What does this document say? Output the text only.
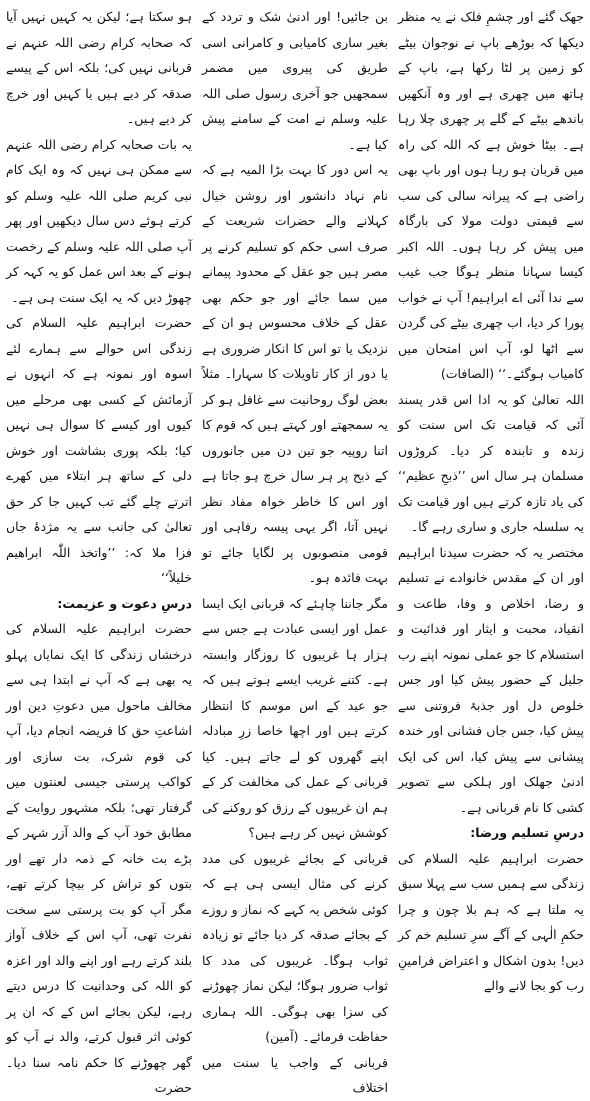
جھک گئے اور چشمِ فلک نے یہ منظر دیکھا کہ بوڑھے باپ نے نوجوان بیٹے کو زمین پر لٹا رکھا ہے، باپ کے ہاتھ میں چھری ہے اور وہ آنکھیں باندھے بیٹے کے گلے پر چھری چلا رہا ہے۔ بیٹا خوش ہے کہ اللہ کی راہ میں قربان ہو رہا ہوں اور باپ بھی راضی ہے کہ پیرانہ سالی کی سب سے قیمتی دولت مولا کی بارگاہ میں پیش کر رہا ہوں۔ اللہ اکبر کیسا سہانا منظر ہوگا جب غیب سے ندا آئی اے ابراہیم! آپ نے خواب پورا کر دیا، اب چھری بیٹے کی گردن سے اٹھا لو، آپ اس امتحان میں کامیاب ہوگئے۔‘‘ (الصافات)

اللہ تعالیٰ کو یہ ادا اس قدر پسند آئی کہ قیامت تک اس سنت کو زندہ و تابندہ کر دیا۔ کروڑوں مسلمان ہر سال اس ’’ذبحِ عظیم‘‘ کی یاد تازہ کرتے ہیں اور قیامت تک یہ سلسلہ جاری و ساری رہے گا۔

مختصر یہ کہ حضرت سیدنا ابراہیم اور ان کے مقدس خانوادے نے تسلیم و رضا، اخلاص و وفا، طاعت و انقیاد، محبت و ایثار اور فدائیت و استسلام کا جو عملی نمونہ اپنے رب جلیل کے حضور پیش کیا اور جس خلوص دل اور جذبۂ فروتنی سے پیش کیا، جس جاں فشانی اور خندہ پیشانی سے پیش کیا، اس کی ایک ادنیٰ جھلک اور ہلکی سے تصویر کشی کا نام قربانی ہے۔

درسِ تسلیم ورضا:

حضرت ابراہیم علیہ السلام کی زندگی سے ہمیں سب سے پہلا سبق یہ ملتا ہے کہ ہم بلا چون و چرا حکمِ الٰہی کے آگے سرِ تسلیم خم کر دیں! بدون اشکال و اعتراض فرامینِ رب کو بجا لانے والے

بن جائیں! اور ادنیٰ شک و تردد کے بغیر ساری کامیابی و کامرانی اسی طریق کی پیروی میں مضمر سمجھیں جو آخری رسول صلی اللہ علیہ وسلم نے امت کے سامنے پیش کیا ہے۔

یہ اس دور کا بہت بڑا المیہ ہے کہ نام نہاد دانشور اور روشن خیال کہلانے والے حضرات شریعت کے صرف اسی حکم کو تسلیم کرنے پر مصر ہیں جو عقل کے محدود پیمانے میں سما جائے اور جو حکم بھی عقل کے خلاف محسوس ہو ان کے نزدیک یا تو اس کا انکار ضروری ہے یا دور از کار تاویلات کا سہارا۔ مثلاً بعض لوگ روحانیت سے غافل ہو کر یہ سمجھتے اور کہتے ہیں کہ قوم کا اتنا روپیہ جو تین دن میں جانوروں کے ذبح پر ہر سال خرچ ہو جاتا ہے اور اس کا خاطر خواہ مفاد نظر نہیں آتا، اگر یہی پیسہ رفاہی اور قومی منصوبوں پر لگایا جائے تو بہت فائدہ ہو۔

مگر جاننا چاہئے کہ قربانی ایک ایسا عمل اور ایسی عبادت ہے جس سے ہزار ہا غریبوں کا روزگار وابستہ ہے۔ کتنے غریب ایسے ہوتے ہیں کہ جو عید کے اس موسم کا انتظار کرتے ہیں اور اچھا خاصا زرِ مبادلہ اپنے گھروں کو لے جاتے ہیں۔ کیا قربانی کے عمل کی مخالفت کر کے ہم ان غریبوں کے رزق کو روکنے کی کوشش نہیں کر رہے ہیں؟

قربانی کے بجائے غریبوں کی مدد کرنے کی مثال ایسی ہی ہے کہ کوئی شخص یہ کہے کہ نماز و روزے کے بجائے صدقہ کر دیا جائے تو زیادہ ثواب ہوگا۔ غریبوں کی مدد کا ثواب ضرور ہوگا؛ لیکن نماز چھوڑنے کی سزا بھی ہوگی۔ اللہ ہماری حفاظت فرمائے۔ (آمین)

قربانی کے واجب یا سنت میں اختلاف

ہو سکتا ہے؛ لیکن یہ کہیں نہیں آیا کہ صحابہ کرام رضی اللہ عنہم نے قربانی نہیں کی؛ بلکہ اس کے پیسے صدقہ کر دیے ہیں یا کہیں اور خرچ کر دیے ہیں۔

یہ بات صحابہ کرام رضی اللہ عنہم سے ممکن ہی نہیں کہ وہ ایک کام نبی کریم صلی اللہ علیہ وسلم کو کرتے ہوئے دس سال دیکھیں اور پھر آپ صلی اللہ علیہ وسلم کے رخصت ہونے کے بعد اس عمل کو یہ کہہ کر چھوڑ دیں کہ یہ ایک سنت ہی ہے۔

حضرت ابراہیم علیہ السلام کی زندگی اس حوالے سے ہمارے لئے اسوہ اور نمونہ ہے کہ انہوں نے آزمائش کے کسی بھی مرحلے میں کیوں اور کیسے کا سوال ہی نہیں کیا؛ بلکہ پوری بشاشت اور خوش دلی کے ساتھ ہر ابتلاء میں کھرے اترتے چلے گئے تب کہیں جا کر حق تعالیٰ کی جانب سے یہ مژدۂ جاں فزا ملا کہ: ’’واتخذ اللّٰہ ابراھیم خلیلاً‘‘

درسِ دعوت و عزیمت:

حضرت ابراہیم علیہ السلام کی درخشاں زندگی کا ایک نمایاں پہلو یہ بھی ہے کہ آپ نے ابتدا ہی سے مخالف ماحول میں دعوتِ دین اور اشاعتِ حق کا فریضہ انجام دیا، آپ کی قوم شرک، بت سازی اور کواکب پرستی جیسی لعنتوں میں گرفتار تھی؛ بلکہ مشہور روایت کے مطابق خود آپ کے والد آزر شہر کے بڑے بت خانہ کے ذمہ دار تھے اور بتوں کو تراش کر بیچا کرتے تھے، مگر آپ کو بت پرستی سے سخت نفرت تھی، آپ اس کے خلاف آواز بلند کرتے رہے اور اپنے والد اور اعزہ کو اللہ کی وحدانیت کا درس دیتے رہے، لیکن بجائے اس کے کہ ان پر کوئی اثر قبول کرتے، والد نے آپ کو گھر چھوڑنے کا حکم نامہ سنا دیا۔ حضرت
